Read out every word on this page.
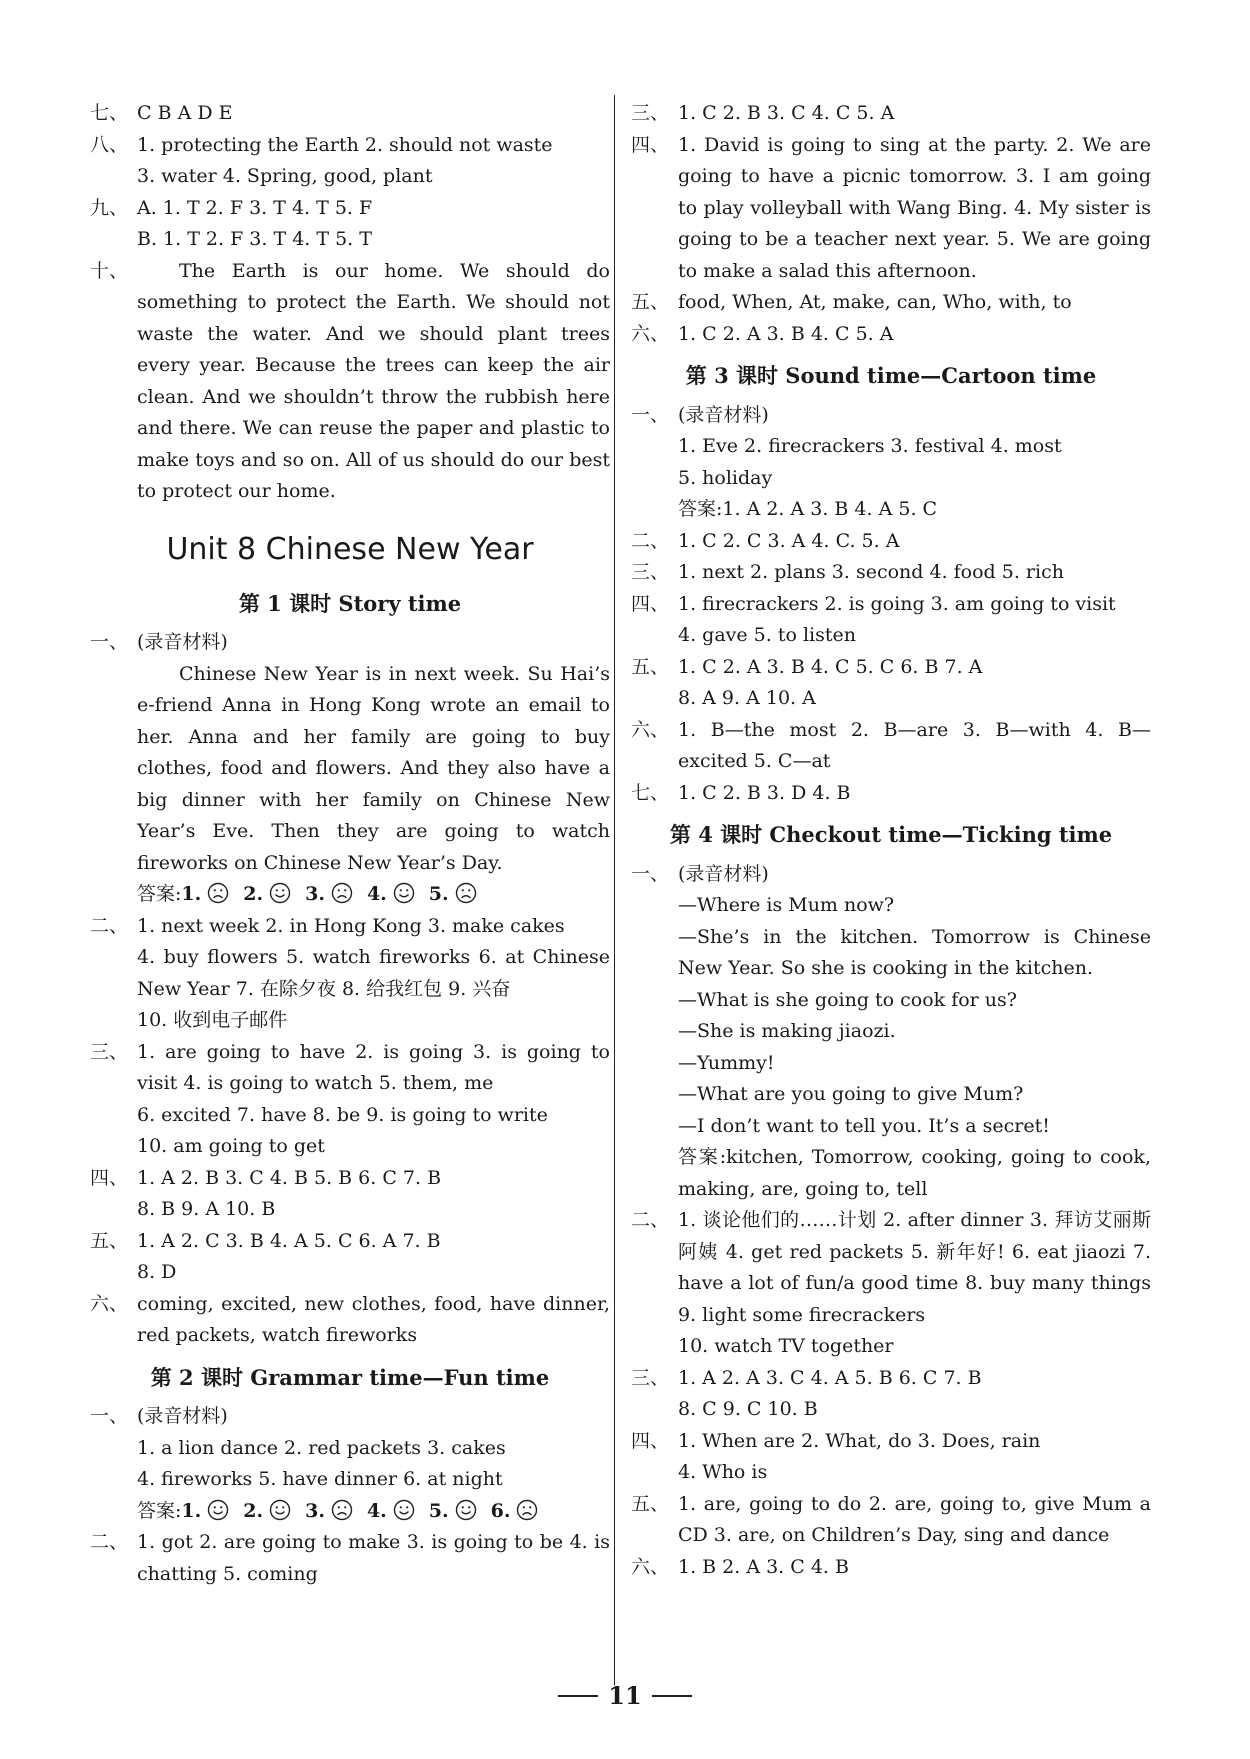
七、 C B A D E
八、 1. protecting the Earth 2. should not waste
3. water 4. Spring, good, plant
九、 A. 1. T 2. F 3. T 4. T 5. F
B. 1. T 2. F 3. T 4. T 5. T
十、	The Earth is our home. We should do something to protect the Earth. We should not waste the water. And we should plant trees every year. Because the trees can keep the air clean. And we shouldn’t throw the rubbish here and there. We can reuse the paper and plastic to make toys and so on. All of us should do our best to protect our home.
Unit 8 Chinese New Year
第 1 课时 Story time
一、 (录音材料)
Chinese New Year is in next week. Su Hai’s e-friend Anna in Hong Kong wrote an email to her. Anna and her family are going to buy clothes, food and flowers. And they also have a big dinner with her family on Chinese New Year’s Eve. Then they are going to watch fireworks on Chinese New Year’s Day.
答案:1. 2. 3. 4. 5.
二、 1. next week 2. in Hong Kong 3. make cakes
4. buy flowers 5. watch fireworks 6. at Chinese New Year 7. 在除夕夜 8. 给我红包 9. 兴奋
10. 收到电子邮件
三、 1. are going to have 2. is going 3. is going to visit 4. is going to watch 5. them, me
6. excited 7. have 8. be 9. is going to write
10. am going to get
四、 1. A 2. B 3. C 4. B 5. B 6. C 7. B
8. B 9. A 10. B
五、 1. A 2. C 3. B 4. A 5. C 6. A 7. B
8. D
六、 coming, excited, new clothes, food, have dinner, red packets, watch fireworks
第 2 课时 Grammar time—Fun time
一、 (录音材料)
1. a lion dance 2. red packets 3. cakes
4. fireworks 5. have dinner 6. at night
答案:1. 2. 3. 4. 5. 6.
二、 1. got 2. are going to make 3. is going to be 4. is chatting 5. coming
三、 1. C 2. B 3. C 4. C 5. A
四、 1. David is going to sing at the party. 2. We are going to have a picnic tomorrow. 3. I am going to play volleyball with Wang Bing. 4. My sister is going to be a teacher next year. 5. We are going to make a salad this afternoon.
五、 food, When, At, make, can, Who, with, to
六、 1. C 2. A 3. B 4. C 5. A
第 3 课时 Sound time—Cartoon time
一、 (录音材料)
1. Eve 2. firecrackers 3. festival 4. most
5. holiday
答案:1. A 2. A 3. B 4. A 5. C
二、 1. C 2. C 3. A 4. C. 5. A
三、 1. next 2. plans 3. second 4. food 5. rich
四、 1. firecrackers 2. is going 3. am going to visit
4. gave 5. to listen
五、 1. C 2. A 3. B 4. C 5. C 6. B 7. A
8. A 9. A 10. A
六、 1. B—the most 2. B—are 3. B—with 4. B—excited 5. C—at
七、 1. C 2. B 3. D 4. B
第 4 课时 Checkout time—Ticking time
一、 (录音材料)
—Where is Mum now?
—She’s in the kitchen. Tomorrow is Chinese New Year. So she is cooking in the kitchen.
—What is she going to cook for us?
—She is making jiaozi.
—Yummy!
—What are you going to give Mum?
—I don’t want to tell you. It’s a secret!
答案:kitchen, Tomorrow, cooking, going to cook, making, are, going to, tell
二、 1. 谈论他们的……计划 2. after dinner 3. 拜访艾丽斯阿姨 4. get red packets 5. 新年好! 6. eat jiaozi 7. have a lot of fun/a good time 8. buy many things 9. light some firecrackers
10. watch TV together
三、 1. A 2. A 3. C 4. A 5. B 6. C 7. B
8. C 9. C 10. B
四、 1. When are 2. What, do 3. Does, rain
4. Who is
五、 1. are, going to do 2. are, going to, give Mum a CD 3. are, on Children’s Day, sing and dance
六、 1. B 2. A 3. C 4. B
11
